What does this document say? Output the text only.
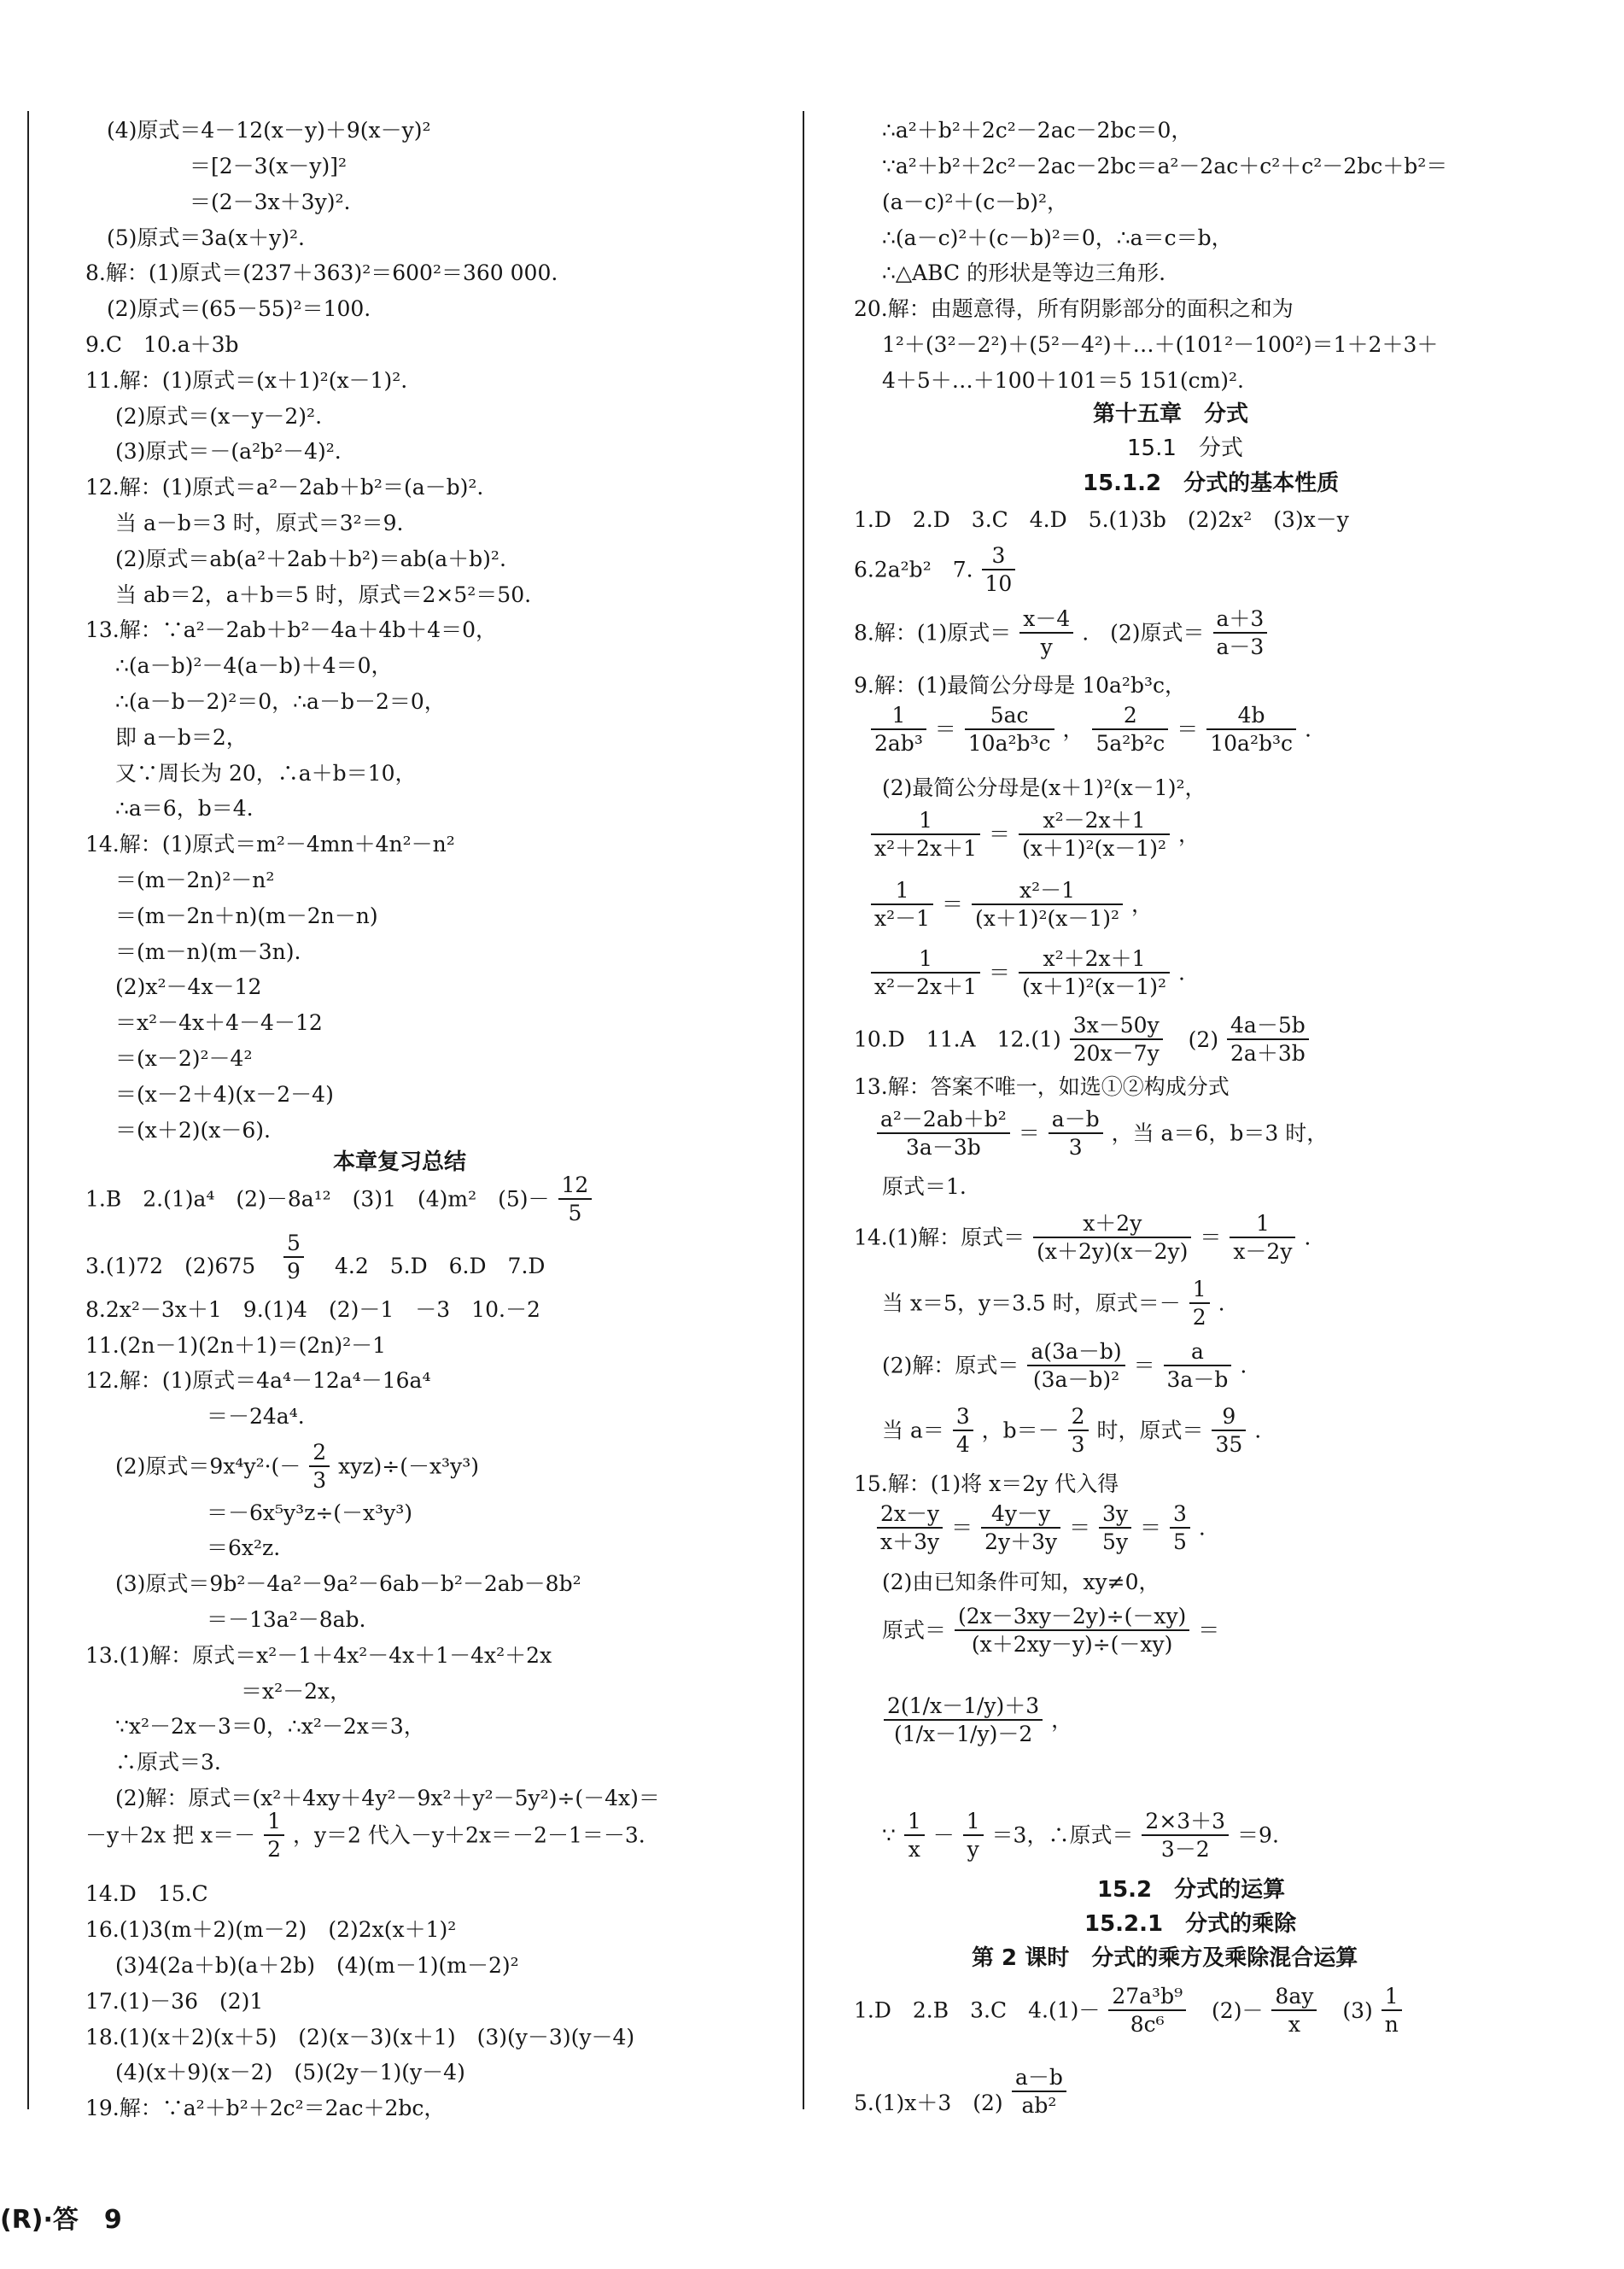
(4)原式＝4－12(x－y)＋9(x－y)²
＝[2－3(x－y)]²
＝(2－3x＋3y)².
(5)原式＝3a(x＋y)².
8.解：(1)原式＝(237＋363)²＝600²＝360 000.
(2)原式＝(65－55)²＝100.
9.C　10.a＋3b
11.解：(1)原式＝(x＋1)²(x－1)².
(2)原式＝(x－y－2)².
(3)原式＝－(a²b²－4)².
12.解：(1)原式＝a²－2ab＋b²＝(a－b)².
当 a－b＝3 时，原式＝3²＝9.
(2)原式＝ab(a²＋2ab＋b²)＝ab(a＋b)².
当 ab＝2，a＋b＝5 时，原式＝2×5²＝50.
13.解：∵a²－2ab＋b²－4a＋4b＋4＝0，
∴(a－b)²－4(a－b)＋4＝0，
∴(a－b－2)²＝0，∴a－b－2＝0，
即 a－b＝2，
又∵周长为 20，∴a＋b＝10，
∴a＝6，b＝4.
14.解：(1)原式＝m²－4mn＋4n²－n²
＝(m－2n)²－n²
＝(m－2n＋n)(m－2n－n)
＝(m－n)(m－3n).
(2)x²－4x－12
＝x²－4x＋4－4－12
＝(x－2)²－4²
＝(x－2＋4)(x－2－4)
＝(x＋2)(x－6).
3.(1)72　(2)675	4.2　5.D　6.D　7.D
8.2x²－3x＋1　9.(1)4　(2)－1　－3　10.－2
11.(2n－1)(2n＋1)＝(2n)²－1
12.解：(1)原式＝4a⁴－12a⁴－16a⁴
＝－24a⁴.
＝－6x⁵y³z÷(－x³y³)
＝6x²z.
(3)原式＝9b²－4a²－9a²－6ab－b²－2ab－8b²
＝－13a²－8ab.
13.(1)解：原式＝x²－1＋4x²－4x＋1－4x²＋2x
＝x²－2x，
∵x²－2x－3＝0，∴x²－2x＝3，
∴原式＝3.
(2)解：原式＝(x²＋4xy＋4y²－9x²＋y²－5y²)÷(－4x)＝
14.D　15.C
16.(1)3(m＋2)(m－2)　(2)2x(x＋1)²
(3)4(2a＋b)(a＋2b)　(4)(m－1)(m－2)²
17.(1)－36　(2)1
18.(1)(x＋2)(x＋5)　(2)(x－3)(x＋1)　(3)(y－3)(y－4)
(4)(x＋9)(x－2)　(5)(2y－1)(y－4)
19.解：∵a²＋b²＋2c²＝2ac＋2bc，
∴a²＋b²＋2c²－2ac－2bc＝0，
∵a²＋b²＋2c²－2ac－2bc＝a²－2ac＋c²＋c²－2bc＋b²＝
(a－c)²＋(c－b)²，
∴(a－c)²＋(c－b)²＝0，∴a＝c＝b，
∴△ABC 的形状是等边三角形.
20.解：由题意得，所有阴影部分的面积之和为
1²＋(3²－2²)＋(5²－4²)＋…＋(101²－100²)＝1＋2＋3＋
4＋5＋…＋100＋101＝5 151(cm)².
1.D　2.D　3.C　4.D　5.(1)3b　(2)2x²　(3)x－y
9.解：(1)最简公分母是 10a²b³c，
(2)最简公分母是(x＋1)²(x－1)²，
13.解：答案不唯一，如选①②构成分式
原式＝1.
15.解：(1)将 x＝2y 代入得
(2)由已知条件可知，xy≠0，
5.(1)x＋3　(2)
本章复习总结
1.B　2.(1)a⁴　(2)－8a¹²　(3)1　(4)m²　$(5)- \frac{12}{5}$
$\frac{5}{9}$
(2)原式$=9x^4y^2\cdot(- \frac{2}{3} xyz)\div(-x^3y^3)$
－y＋2x 把 $x=- \frac{1}{2}$ ，y＝2 代入－y＋2x＝－2－1＝－3.
第十五章　分式
15.1　分式
15.1.2　分式的基本性质
6.2a²b²　7. $\frac{3}{10}$
8.解：(1)原式＝ $\frac{x-4}{y}$ .　(2)原式＝ $\frac{a+3}{a-3}$
$\frac{1}{\text{2ab³}} = \frac{5ac}{\text{10a²b³c}}$ ， $\frac{2}{\text{5a²b²c}} = \frac{4b}{\text{10a²b³c}}$ .
$\frac{1}{\text{x²＋2x＋1}} = \frac{\text{x²－2x＋1}}{\text{(x＋1)²(x－1)²}}$ ，
$\frac{1}{\text{x²－1}} = \frac{\text{x²－1}}{\text{(x＋1)²(x－1)²}}$ ，
$\frac{1}{\text{x²－2x＋1}} = \frac{\text{x²＋2x＋1}}{\text{(x＋1)²(x－1)²}}$ .
10.D　11.A　$12.(1) \frac{3x-50y}{20x-7y} (2) \frac{4a-5b}{2a+3b}$
$\frac{\text{a²－2ab＋b²}}{3a-3b} = \frac{a-b}{3}$ ，当 a＝6，b＝3 时，
14.(1)解：原式＝ $\frac{x+2y}{(x+2y)(x-2y)} = \frac{1}{x-2y}$ .
当 x＝5，y＝3.5 时，原式＝－ $\frac{1}{2}$ .
(2)解：原式＝ $\frac{a(3a-b)}{\text{(3a－b)²}} = \frac{a}{3a-b}$ .
当 $a= \frac{3}{4}$ ，$b=- \frac{2}{3}$ 时，原式＝ $\frac{9}{35}$ .
$\frac{2x-y}{x+3y} = \frac{4y-y}{2y+3y} = \frac{3y}{5y} = \frac{3}{5}$ .
原式＝ $\frac{(2x-3xy-2y)\div(-xy)}{(x+2xy-y)\div(-xy)}$ ＝
$\frac{2(1/x-1/y)+3}{(1/x-1/y)-2}$ ，
∵ $\frac{1}{x} - \frac{1}{y} =3$，∴原式＝ $\frac{2\times 3+3}{3-2} =9$.
15.2　分式的运算
15.2.1　分式的乘除
第 2 课时　分式的乘方及乘除混合运算
1.D　2.B　3.C　$4.(1)- \frac{\text{27a³b⁹}}{\text{8c⁶}} (2)- \frac{8ay}{x} (3) \frac{1}{n}$
$\frac{a-b}{\text{ab²}}$
(R)·答　9
